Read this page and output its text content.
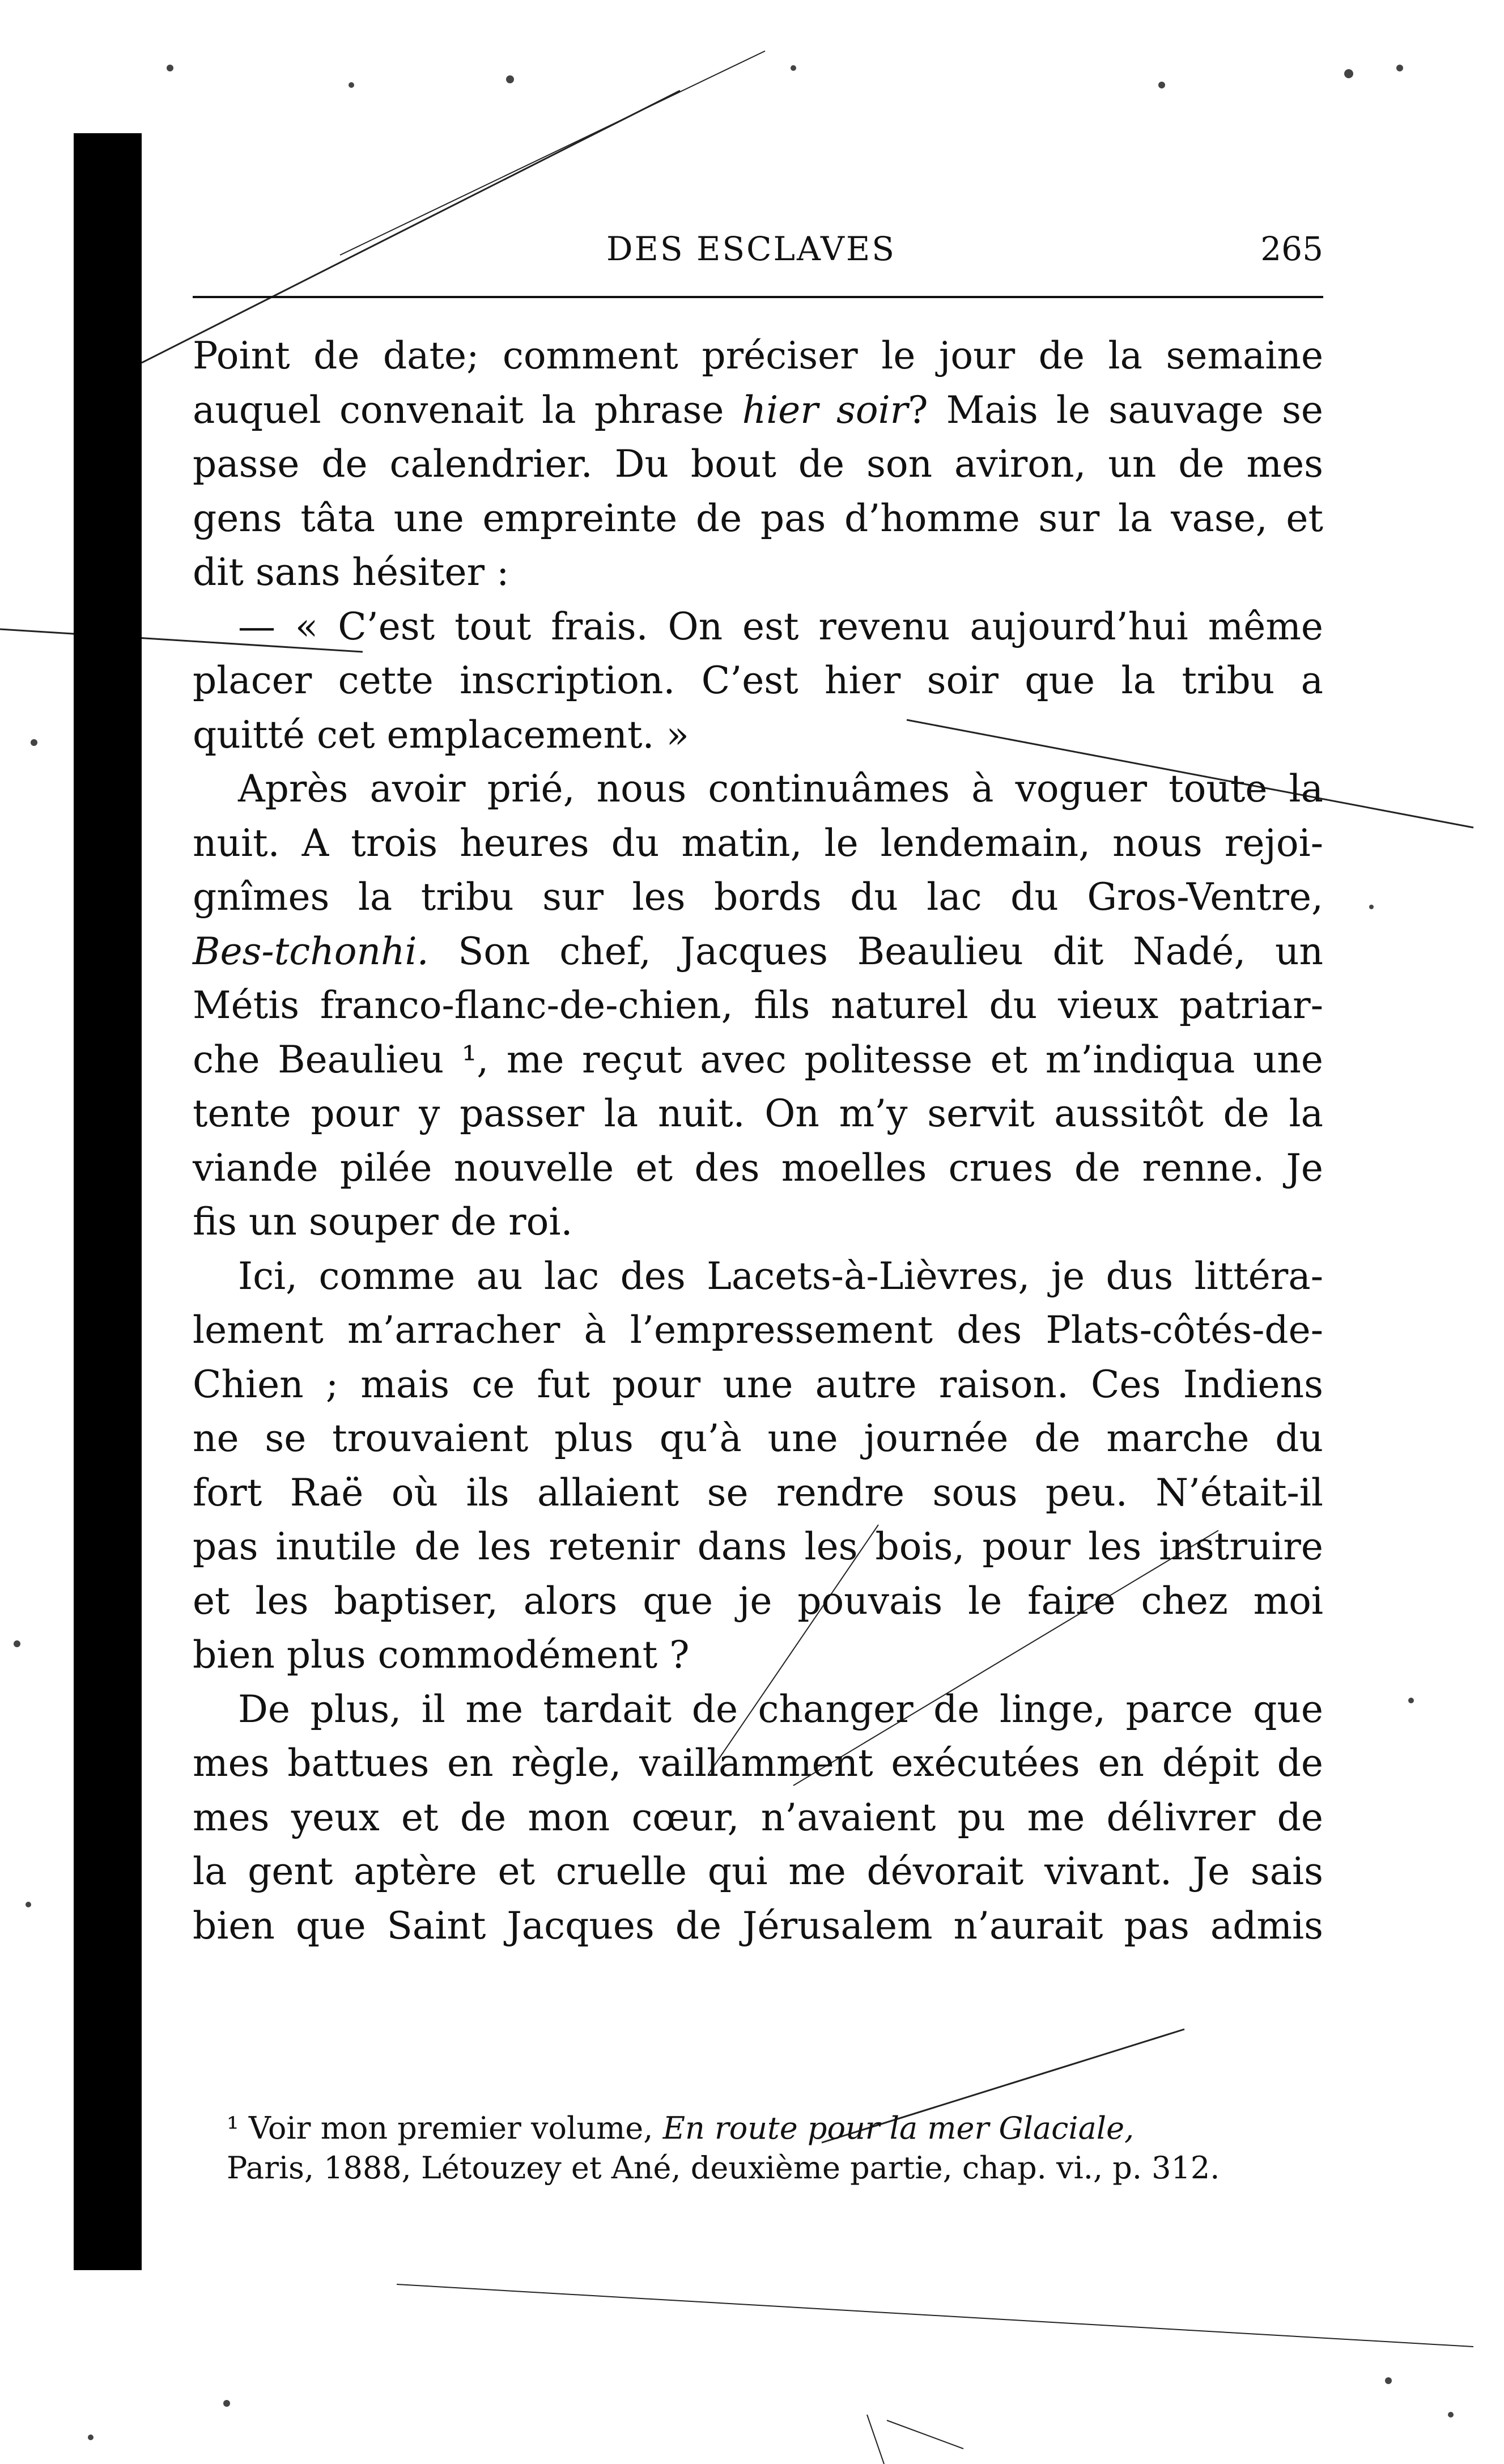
DES ESCLAVES	265
Point de date; comment préciser le jour de la semaine
auquel convenait la phrase hier soir? Mais le sauvage se
passe de calendrier. Du bout de son aviron, un de mes
gens tâta une empreinte de pas d’homme sur la vase, et
dit sans hésiter :
— « C’est tout frais. On est revenu aujourd’hui même
placer cette inscription. C’est hier soir que la tribu a
quitté cet emplacement. »
Après avoir prié, nous continuâmes à voguer toute la
nuit. A trois heures du matin, le lendemain, nous rejoi-
gnîmes la tribu sur les bords du lac du Gros-Ventre,
Bes-tchonhi. Son chef, Jacques Beaulieu dit Nadé, un
Métis franco-flanc-de-chien, fils naturel du vieux patriar-
che Beaulieu ¹, me reçut avec politesse et m’indiqua une
tente pour y passer la nuit. On m’y servit aussitôt de la
viande pilée nouvelle et des moelles crues de renne. Je
fis un souper de roi.
Ici, comme au lac des Lacets-à-Lièvres, je dus littéra-
lement m’arracher à l’empressement des Plats-côtés-de-
Chien ; mais ce fut pour une autre raison. Ces Indiens
ne se trouvaient plus qu’à une journée de marche du
fort Raë où ils allaient se rendre sous peu. N’était-il
pas inutile de les retenir dans les bois, pour les instruire
et les baptiser, alors que je pouvais le faire chez moi
bien plus commodément ?
De plus, il me tardait de changer de linge, parce que
mes battues en règle, vaillamment exécutées en dépit de
mes yeux et de mon cœur, n’avaient pu me délivrer de
la gent aptère et cruelle qui me dévorait vivant. Je sais
bien que Saint Jacques de Jérusalem n’aurait pas admis
¹ Voir mon premier volume, En route pour la mer Glaciale,
Paris, 1888, Létouzey et Ané, deuxième partie, chap. vi., p. 312.
